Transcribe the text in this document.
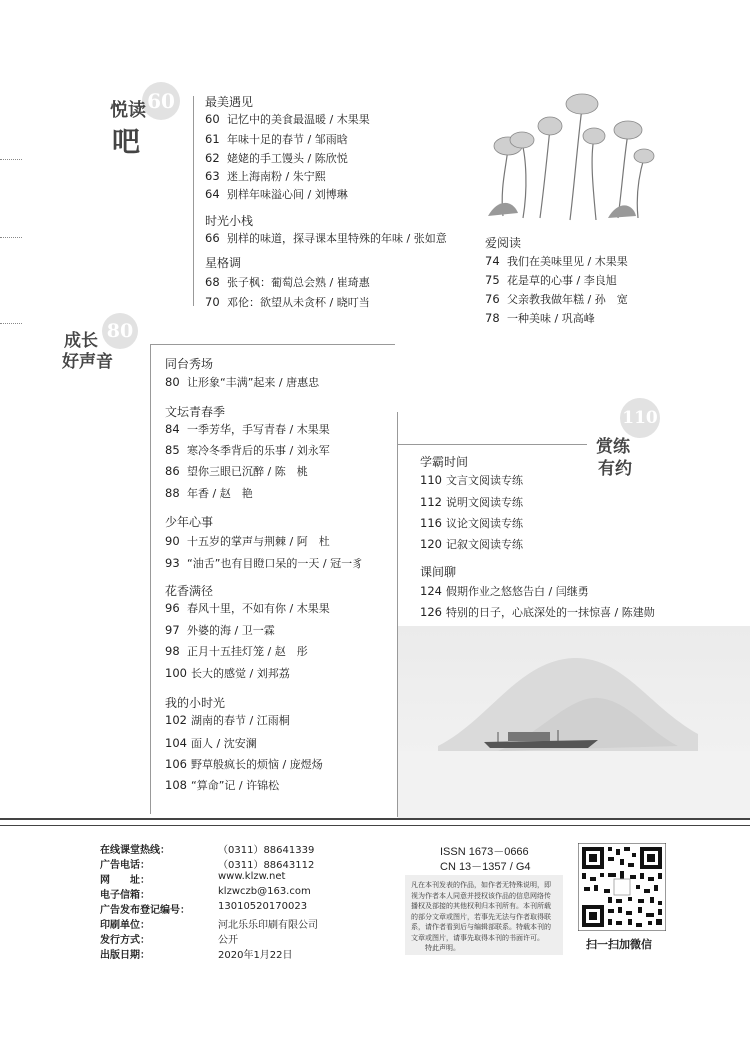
60
悦读
吧
最美遇见
60 记忆中的美食最温暖 / 木果果
61 年味十足的春节 / 邹雨晗
62 姥姥的手工馒头 / 陈欣悦
63 迷上海南粉 / 朱宁熙
64 别样年味溢心间 / 刘博琳
时光小栈
66 别样的味道，探寻课本里特殊的年味 / 张如意
星格调
68 张子枫：葡萄总会熟 / 崔琦惠
70 邓伦：欲望从未贪杯 / 晓叮当
爱阅读
74 我们在美味里见 / 木果果
75 花是草的心事 / 李良旭
76 父亲教我做年糕 / 孙　宽
78 一种美味 / 巩高峰
80
成长
好声音	同台秀场
80 让形象“丰满”起来 / 唐惠忠
文坛青春季
84 一季芳华，手写青春 / 木果果
85 寒冷冬季背后的乐事 / 刘永军
86 望你三眼已沉醉 / 陈　桃
88 年香 / 赵　艳
少年心事
90 十五岁的掌声与荆棘 / 阿　杜
93 “油舌”也有目瞪口呆的一天 / 冠一豸
花香满径
96 春风十里，不如有你 / 木果果
97 外婆的海 / 卫一霖
98 正月十五挂灯笼 / 赵　彤
100 长大的感觉 / 刘邦荔
我的小时光
102 湖南的春节 / 江雨桐
104 面人 / 沈安澜
106 野草般疯长的烦恼 / 庞煜炀
108 “算命”记 / 许锦松
110
赏练
有约
学霸时间
110 文言文阅读专练
112 说明文阅读专练
116 议论文阅读专练
120 记叙文阅读专练
课间聊
124 假期作业之悠悠告白 / 闫继勇
126 特别的日子，心底深处的一抹惊喜 / 陈建勋
在线课堂热线：	（0311）88641339
广告电话：	（0311）88643112
网　　址：	www.klzw.net
电子信箱：	klzwczb@163.com
广告发布登记编号：	13010520170023
印刷单位：	河北乐乐印刷有限公司
发行方式：	公开
出版日期：	2020年1月22日
ISSN 1673－0666
CN 13－1357 / G4
凡在本刊发表的作品，如作者无特殊说明，即视为作者本人同意并授权该作品的信息网络传播权及部接的其他权利归本刊所有。本刊所载的部分文章或图片，若事先无法与作者取得联系，请作者看到后与编辑部联系。特载本刊的文章或图片，请事先取得本刊的书面许可。
特此声明。	扫一扫加微信
